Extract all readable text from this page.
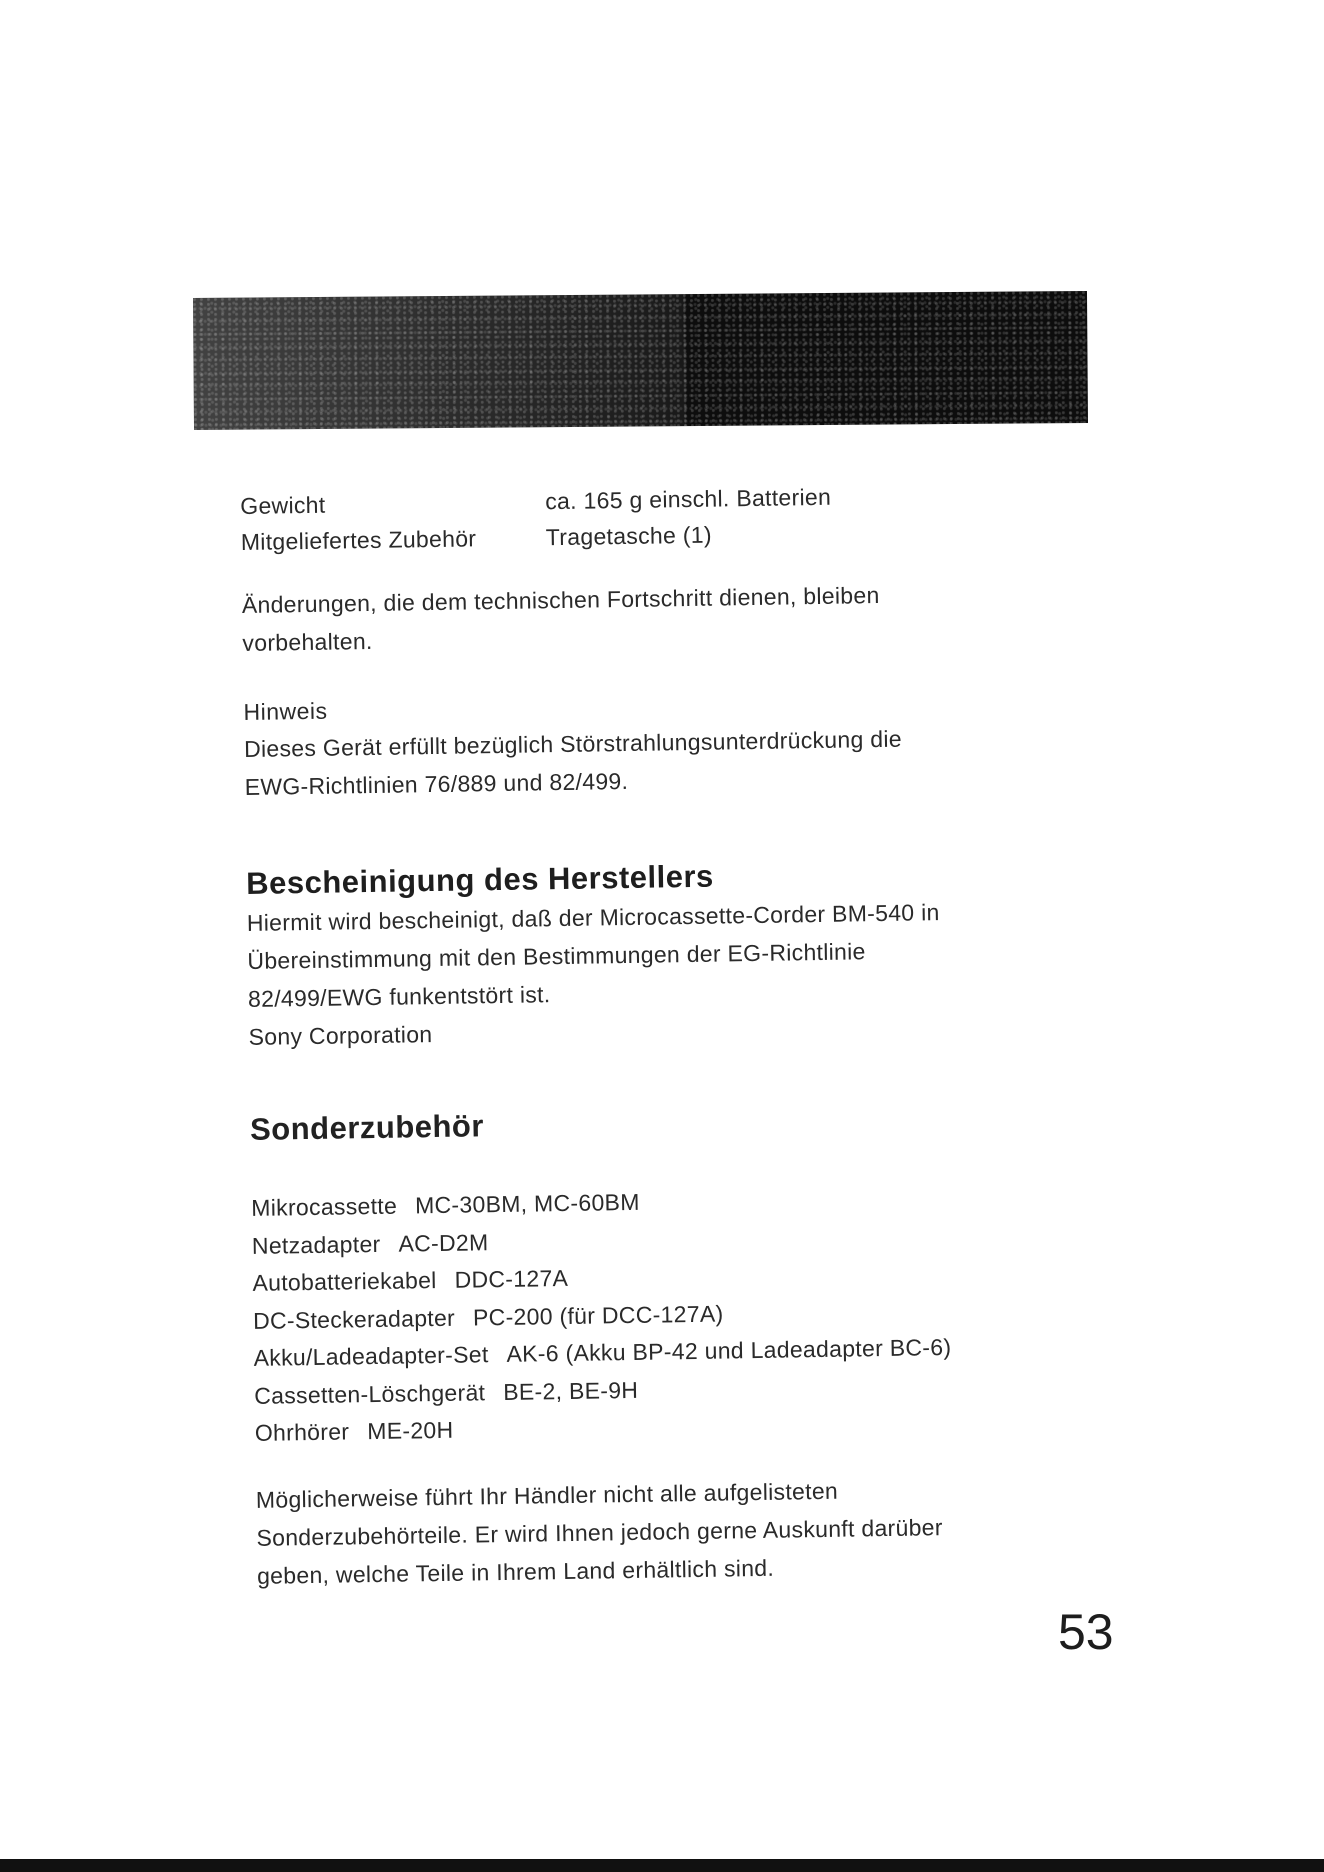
Gewicht	ca. 165 g einschl. Batterien
Mitgeliefertes Zubehör	Tragetasche (1)

Änderungen, die dem technischen Fortschritt dienen, bleiben

vorbehalten.

Hinweis

Dieses Gerät erfüllt bezüglich Störstrahlungsunterdrückung die

EWG-Richtlinien 76/889 und 82/499.

Bescheinigung des Herstellers

Hiermit wird bescheinigt, daß der Microcassette-Corder BM-540 in

Übereinstimmung mit den Bestimmungen der EG-Richtlinie

82/499/EWG funkentstört ist.

Sony Corporation

Sonderzubehör
Mikrocassette MC-30BM, MC-60BM
Netzadapter AC-D2M
Autobatteriekabel DDC-127A
DC-Steckeradapter PC-200 (für DCC-127A)
Akku/Ladeadapter-Set AK-6 (Akku BP-42 und Ladeadapter BC-6)
Cassetten-Löschgerät BE-2, BE-9H
Ohrhörer ME-20H

Möglicherweise führt Ihr Händler nicht alle aufgelisteten

Sonderzubehörteile. Er wird Ihnen jedoch gerne Auskunft darüber

geben, welche Teile in Ihrem Land erhältlich sind.

53
